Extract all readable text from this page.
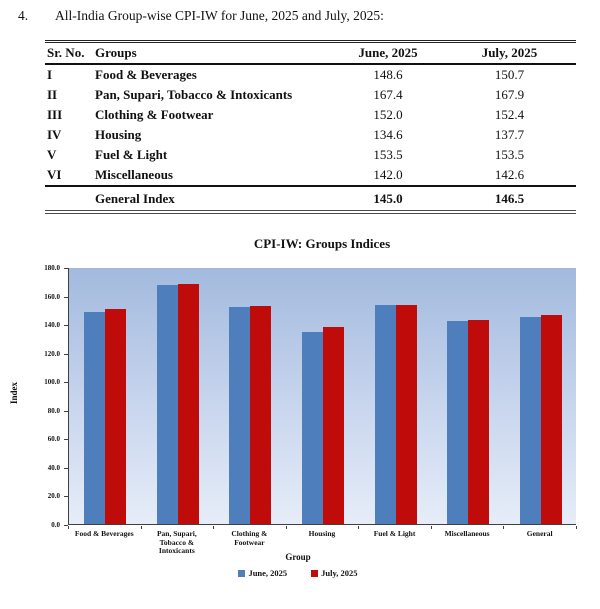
4. All-India Group-wise CPI-IW for June, 2025 and July, 2025:
Sr. No.	Groups	June, 2025	July, 2025
I	Food & Beverages	148.6	150.7
II	Pan, Supari, Tobacco & Intoxicants	167.4	167.9
III	Clothing & Footwear	152.0	152.4
IV	Housing	134.6	137.7
V	Fuel & Light	153.5	153.5
VI	Miscellaneous	142.0	142.6
	General Index	145.0	146.5
CPI-IW: Groups Indices
Index
180.0
160.0
140.0
120.0
100.0
80.0
60.0
40.0
20.0
0.0
Food & Beverages	Pan, Supari, Tobacco & Intoxicants
Clothing & Footwear
Housing	Fuel & Light	Miscellaneous	General
Group
June, 2025	July, 2025
